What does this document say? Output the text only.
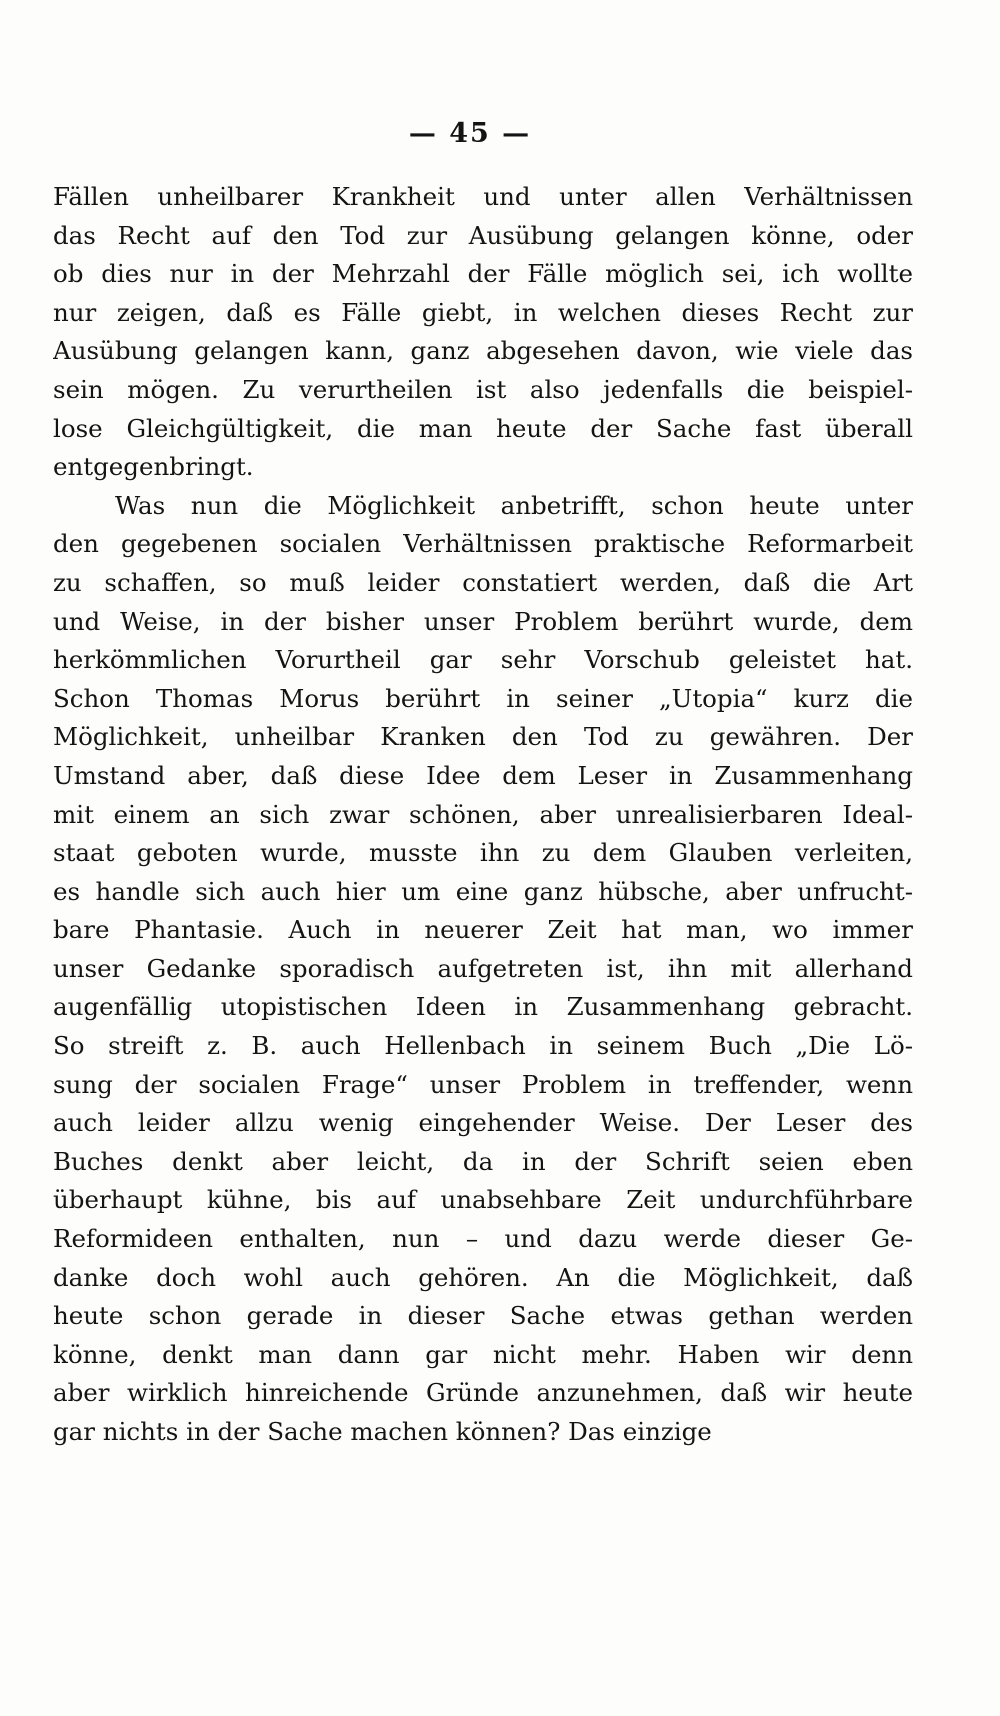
— 45 —
Fällen unheilbarer Krankheit und unter allen Verhältnissen
das Recht auf den Tod zur Ausübung gelangen könne, oder
ob dies nur in der Mehrzahl der Fälle möglich sei, ich wollte
nur zeigen, daß es Fälle giebt, in welchen dieses Recht zur
Ausübung gelangen kann, ganz abgesehen davon, wie viele das
sein mögen. Zu verurtheilen ist also jedenfalls die beispiel-
lose Gleichgültigkeit, die man heute der Sache fast überall
entgegenbringt.
Was nun die Möglichkeit anbetrifft, schon heute unter
den gegebenen socialen Verhältnissen praktische Reformarbeit
zu schaffen, so muß leider constatiert werden, daß die Art
und Weise, in der bisher unser Problem berührt wurde, dem
herkömmlichen Vorurtheil gar sehr Vorschub geleistet hat.
Schon Thomas Morus berührt in seiner „Utopia“ kurz die
Möglichkeit, unheilbar Kranken den Tod zu gewähren. Der
Umstand aber, daß diese Idee dem Leser in Zusammenhang
mit einem an sich zwar schönen, aber unrealisierbaren Ideal-
staat geboten wurde, musste ihn zu dem Glauben verleiten,
es handle sich auch hier um eine ganz hübsche, aber unfrucht-
bare Phantasie. Auch in neuerer Zeit hat man, wo immer
unser Gedanke sporadisch aufgetreten ist, ihn mit allerhand
augenfällig utopistischen Ideen in Zusammenhang gebracht.
So streift z. B. auch Hellenbach in seinem Buch „Die Lö-
sung der socialen Frage“ unser Problem in treffender, wenn
auch leider allzu wenig eingehender Weise. Der Leser des
Buches denkt aber leicht, da in der Schrift seien eben
überhaupt kühne, bis auf unabsehbare Zeit undurchführbare
Reformideen enthalten, nun – und dazu werde dieser Ge-
danke doch wohl auch gehören. An die Möglichkeit, daß
heute schon gerade in dieser Sache etwas gethan werden
könne, denkt man dann gar nicht mehr. Haben wir denn
aber wirklich hinreichende Gründe anzunehmen, daß wir heute
gar nichts in der Sache machen können? Das einzige
